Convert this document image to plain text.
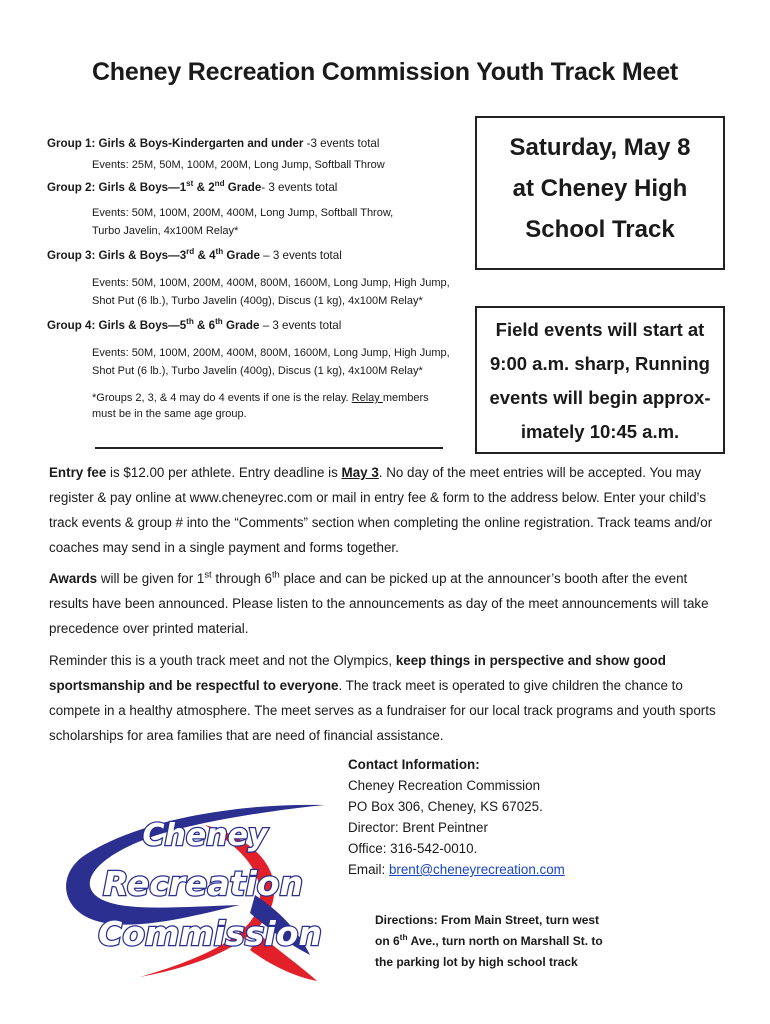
Cheney Recreation Commission Youth Track Meet

Group 1: Girls & Boys-Kindergarten and under -3 events total

Events: 25M, 50M, 100M, 200M, Long Jump, Softball Throw

Group 2: Girls & Boys—1st & 2nd Grade- 3 events total

Events: 50M, 100M, 200M, 400M, Long Jump, Softball Throw,

Turbo Javelin, 4x100M Relay*

Group 3: Girls & Boys—3rd & 4th Grade – 3 events total

Events: 50M, 100M, 200M, 400M, 800M, 1600M, Long Jump, High Jump,

Shot Put (6 lb.), Turbo Javelin (400g), Discus (1 kg), 4x100M Relay*

Group 4: Girls & Boys—5th & 6th Grade – 3 events total

Events: 50M, 100M, 200M, 400M, 800M, 1600M, Long Jump, High Jump,

Shot Put (6 lb.), Turbo Javelin (400g), Discus (1 kg), 4x100M Relay*

*Groups 2, 3, & 4 may do 4 events if one is the relay. Relay members
must be in the same age group.

Saturday, May 8
at Cheney High
School Track
Field events will start at
9:00 a.m. sharp, Running
events will begin approx-
imately 10:45 a.m.

Entry fee is $12.00 per athlete. Entry deadline is May 3. No day of the meet entries will be accepted. You may register & pay online at www.cheneyrec.com or mail in entry fee & form to the address below. Enter your child’s track events & group # into the “Comments” section when completing the online registration. Track teams and/or coaches may send in a single payment and forms together.

Awards will be given for 1st through 6th place and can be picked up at the announcer’s booth after the event results have been announced. Please listen to the announcements as day of the meet announcements will take precedence over printed material.

Reminder this is a youth track meet and not the Olympics, keep things in perspective and show good sportsmanship and be respectful to everyone. The track meet is operated to give children the chance to compete in a healthy atmosphere. The meet serves as a fundraiser for our local track programs and youth sports scholarships for area families that are need of financial assistance.

Cheney
Recreation
Commission
Contact Information:
Cheney Recreation Commission
PO Box 306, Cheney, KS 67025.
Director: Brent Peintner
Office: 316-542-0010.
Email: brent@cheneyrecreation.com
Directions: From Main Street, turn west
on 6th Ave., turn north on Marshall St. to
the parking lot by high school track
